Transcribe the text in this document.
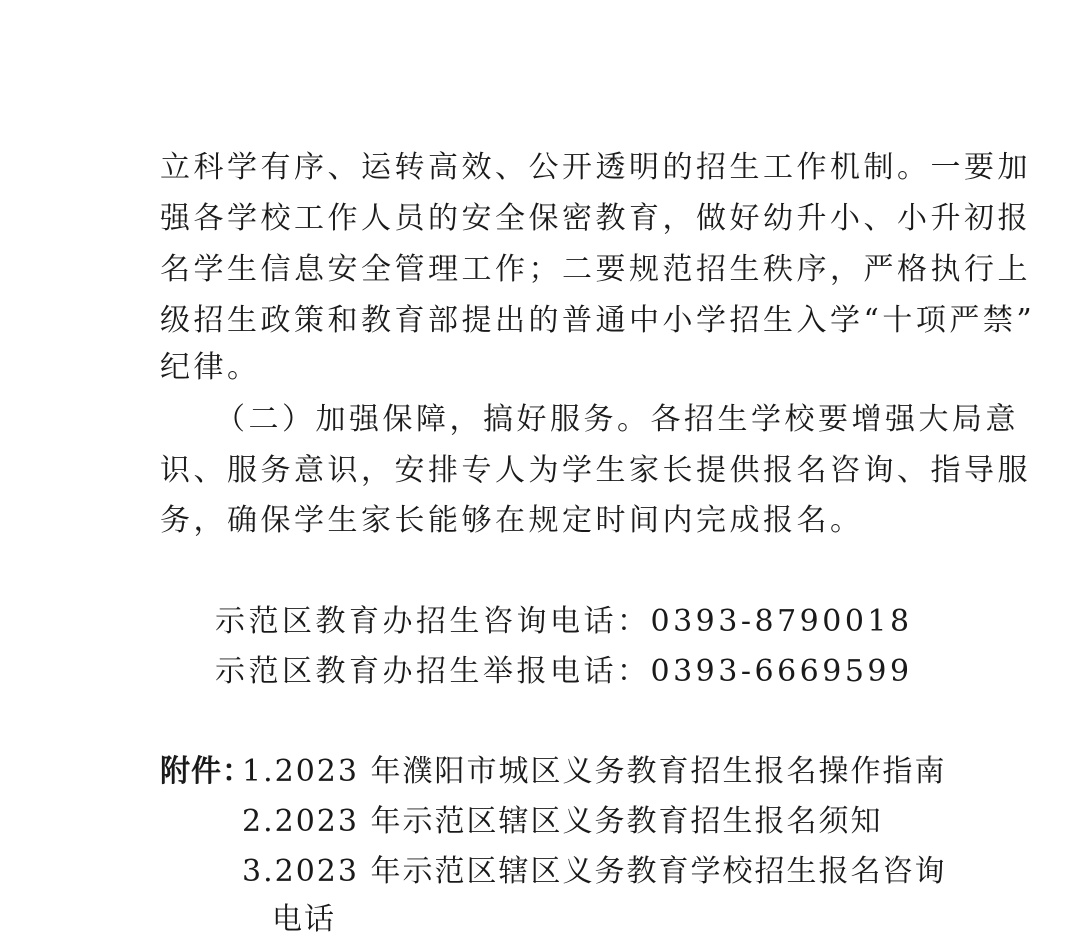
立科学有序、运转高效、公开透明的招生工作机制。一要加
强各学校工作人员的安全保密教育，做好幼升小、小升初报
名学生信息安全管理工作；二要规范招生秩序，严格执行上
级招生政策和教育部提出的普通中小学招生入学“十项严禁”
纪律。
（二）加强保障，搞好服务。各招生学校要增强大局意
识、服务意识，安排专人为学生家长提供报名咨询、指导服
务，确保学生家长能够在规定时间内完成报名。
示范区教育办招生咨询电话：0393-8790018
示范区教育办招生举报电话：0393-6669599
附件：
1.2023 年濮阳市城区义务教育招生报名操作指南
2.2023 年示范区辖区义务教育招生报名须知
3.2023 年示范区辖区义务教育学校招生报名咨询
电话
